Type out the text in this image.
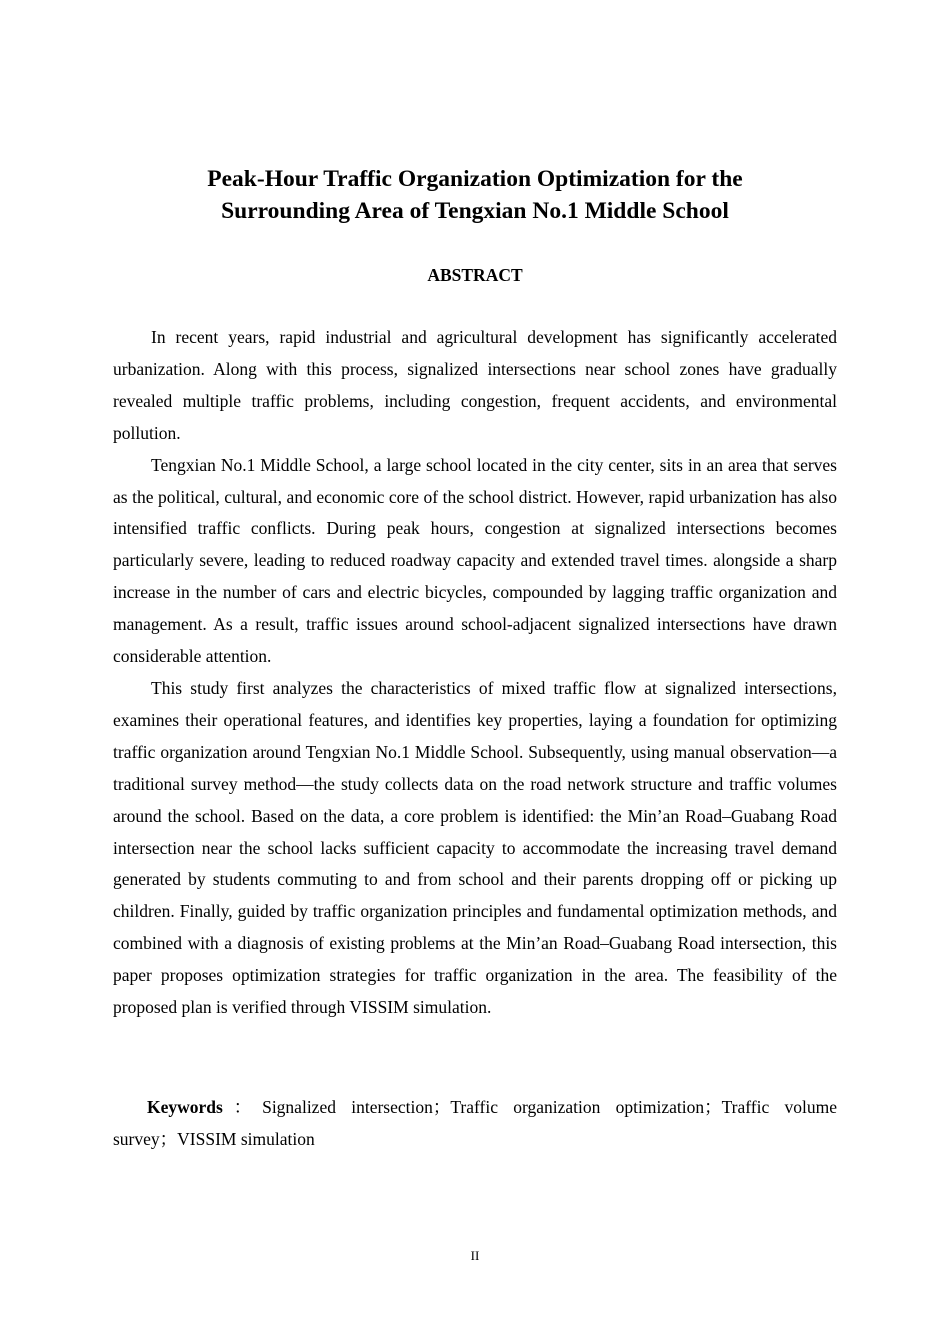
Peak-Hour Traffic Organization Optimization for the
Surrounding Area of Tengxian No.1 Middle School
ABSTRACT

In recent years, rapid industrial and agricultural development has significantly accelerated urbanization. Along with this process, signalized intersections near school zones have gradually revealed multiple traffic problems, including congestion, frequent accidents, and environmental pollution.

Tengxian No.1 Middle School, a large school located in the city center, sits in an area that serves as the political, cultural, and economic core of the school district. However, rapid urbanization has also intensified traffic conflicts. During peak hours, congestion at signalized intersections becomes particularly severe, leading to reduced roadway capacity and extended travel times. alongside a sharp increase in the number of cars and electric bicycles, compounded by lagging traffic organization and management. As a result, traffic issues around school-adjacent signalized intersections have drawn considerable attention.

This study first analyzes the characteristics of mixed traffic flow at signalized intersections, examines their operational features, and identifies key properties, laying a foundation for optimizing traffic organization around Tengxian No.1 Middle School. Subsequently, using manual observation—a traditional survey method—the study collects data on the road network structure and traffic volumes around the school. Based on the data, a core problem is identified: the Min’an Road–Guabang Road intersection near the school lacks sufficient capacity to accommodate the increasing travel demand generated by students commuting to and from school and their parents dropping off or picking up children. Finally, guided by traffic organization principles and fundamental optimization methods, and combined with a diagnosis of existing problems at the Min’an Road–Guabang Road intersection, this paper proposes optimization strategies for traffic organization in the area. The feasibility of the proposed plan is verified through VISSIM simulation.

Keywords：Signalized intersection；Traffic organization optimization；Traffic volume survey；VISSIM simulation

II
